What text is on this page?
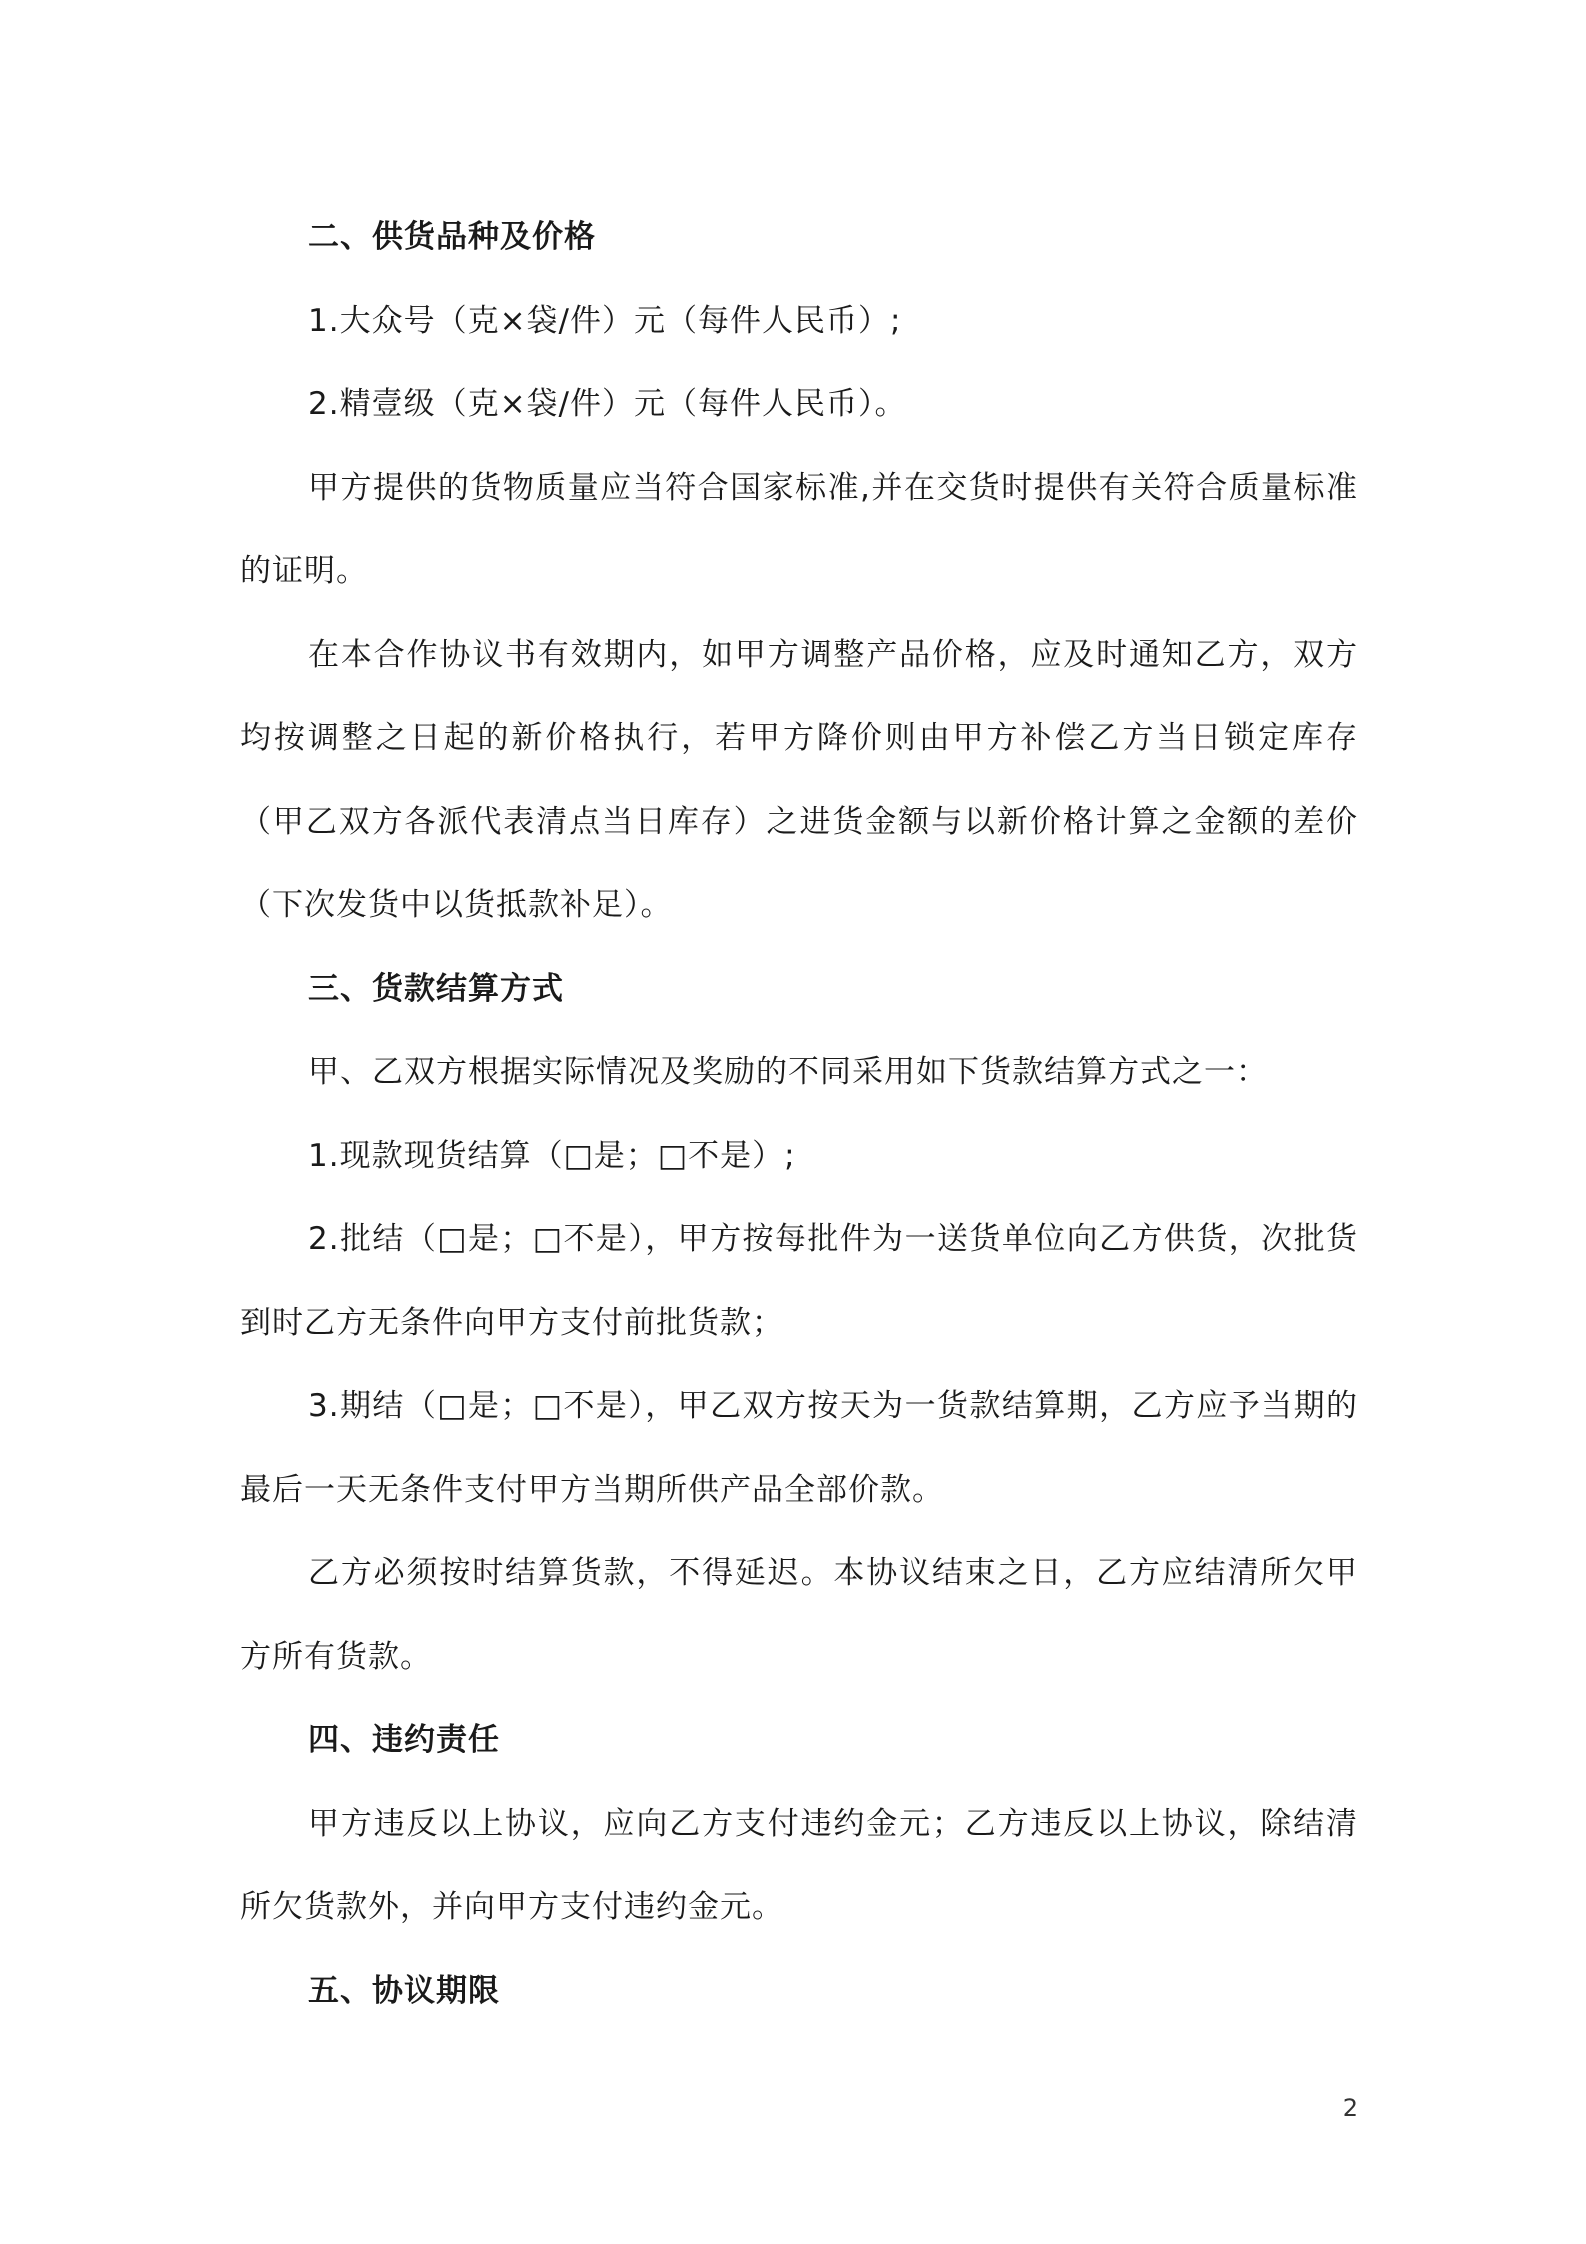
二、供货品种及价格

1.大众号（克×袋/件）元（每件人民币）;

2.精壹级（克×袋/件）元（每件人民币）。

甲方提供的货物质量应当符合国家标准,并在交货时提供有关符合质量标准的证明。

在本合作协议书有效期内，如甲方调整产品价格，应及时通知乙方，双方均按调整之日起的新价格执行，若甲方降价则由甲方补偿乙方当日锁定库存（甲乙双方各派代表清点当日库存）之进货金额与以新价格计算之金额的差价（下次发货中以货抵款补足）。

三、货款结算方式

甲、乙双方根据实际情况及奖励的不同采用如下货款结算方式之一：

1.现款现货结算（□是；□不是）;

2.批结（□是；□不是），甲方按每批件为一送货单位向乙方供货，次批货到时乙方无条件向甲方支付前批货款；

3.期结（□是；□不是），甲乙双方按天为一货款结算期，乙方应予当期的最后一天无条件支付甲方当期所供产品全部价款。

乙方必须按时结算货款，不得延迟。本协议结束之日，乙方应结清所欠甲方所有货款。

四、违约责任

甲方违反以上协议，应向乙方支付违约金元；乙方违反以上协议，除结清所欠货款外，并向甲方支付违约金元。

五、协议期限

2
